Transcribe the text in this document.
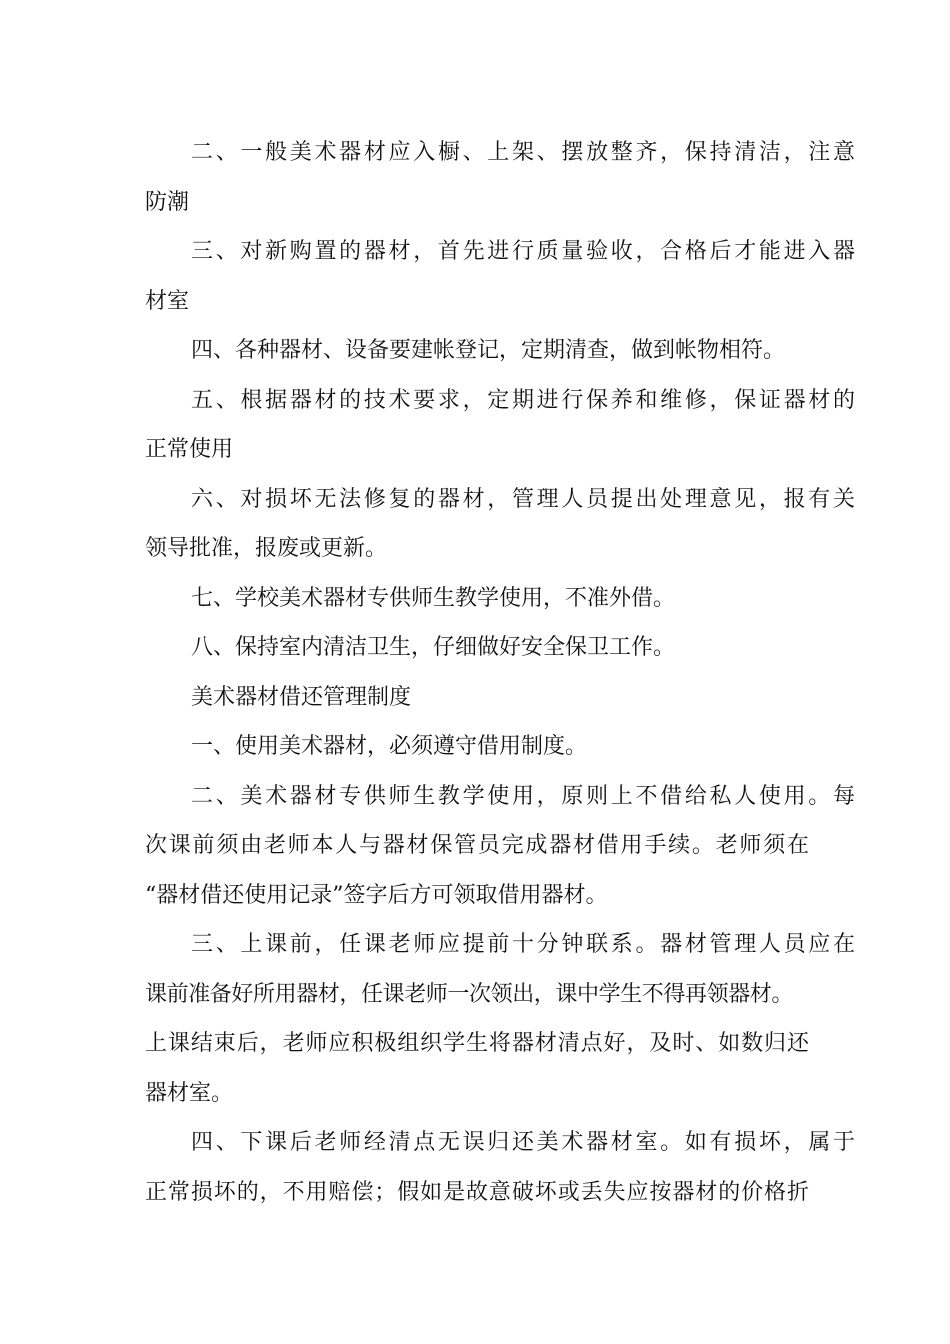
二、一般美术器材应入橱、上架、摆放整齐，保持清洁，注意
防潮
三、对新购置的器材，首先进行质量验收，合格后才能进入器
材室
四、各种器材、设备要建帐登记，定期清查，做到帐物相符。
五、根据器材的技术要求，定期进行保养和维修，保证器材的
正常使用
六、对损坏无法修复的器材，管理人员提出处理意见，报有关
领导批准，报废或更新。
七、学校美术器材专供师生教学使用，不准外借。
八、保持室内清洁卫生，仔细做好安全保卫工作。
美术器材借还管理制度
一、使用美术器材，必须遵守借用制度。
二、美术器材专供师生教学使用，原则上不借给私人使用。每
次课前须由老师本人与器材保管员完成器材借用手续。老师须在
“器材借还使用记录”签字后方可领取借用器材。
三、上课前，任课老师应提前十分钟联系。器材管理人员应在
课前准备好所用器材，任课老师一次领出，课中学生不得再领器材。
上课结束后，老师应积极组织学生将器材清点好，及时、如数归还
器材室。
四、下课后老师经清点无误归还美术器材室。如有损坏，属于
正常损坏的，不用赔偿；假如是故意破坏或丢失应按器材的价格折
